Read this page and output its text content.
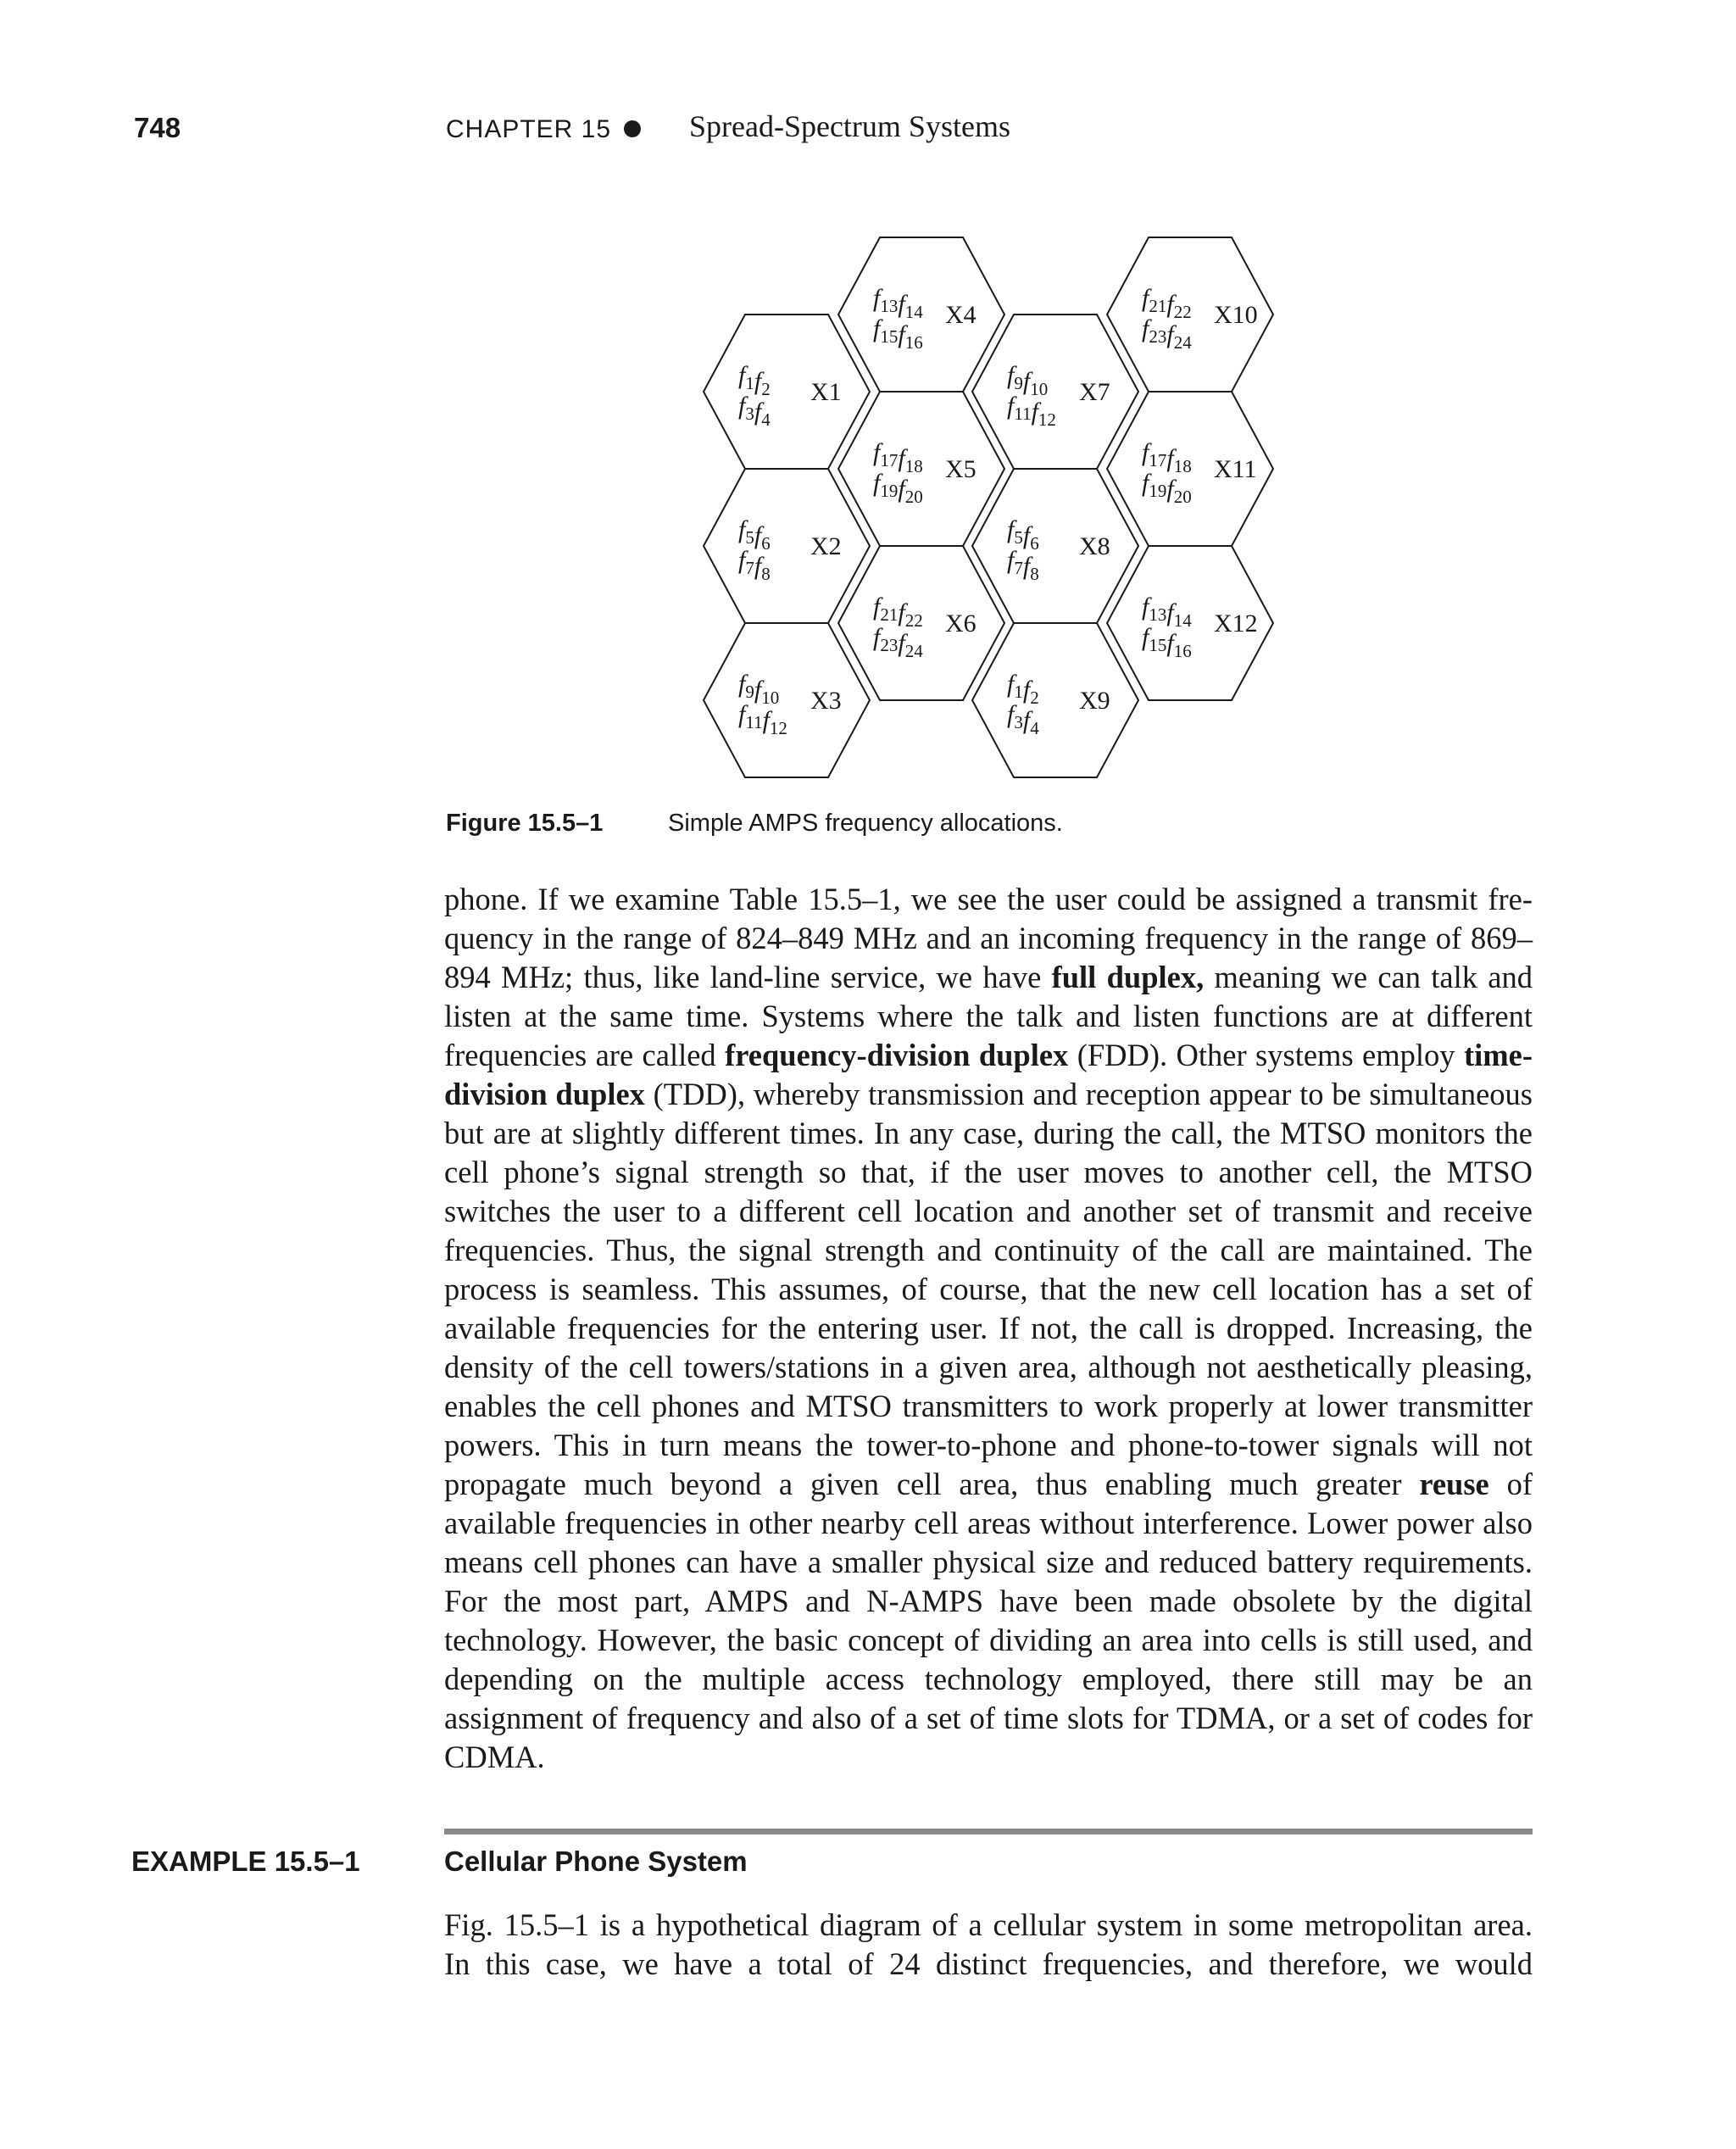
748	CHAPTER 15	Spread-Spectrum Systems
$f_1f_2$
$f_3f_4$
X1
$f_5f_6$
$f_7f_8$
X2
$f_9f_{10}$
$f_{11}f_{12}$
X3
$f_{13}f_{14}$
$f_{15}f_{16}$
X4
$f_{17}f_{18}$
$f_{19}f_{20}$
X5
$f_{21}f_{22}$
$f_{23}f_{24}$
X6
$f_9f_{10}$
$f_{11}f_{12}$
X7
$f_5f_6$
$f_7f_8$
X8
$f_1f_2$
$f_3f_4$
X9
$f_{21}f_{22}$
$f_{23}f_{24}$
X10
$f_{17}f_{18}$
$f_{19}f_{20}$
X11
$f_{13}f_{14}$
$f_{15}f_{16}$
X12
Figure 15.5–1	Simple AMPS frequency allocations.
phone. If we examine Table 15.5–1, we see the user could be assigned a transmit frequency in the range of 824–849 MHz and an incoming frequency in the range of 869–894 MHz; thus, like land-line service, we have full duplex, meaning we can talk and listen at the same time. Systems where the talk and listen functions are at different frequencies are called frequency-division duplex (FDD). Other systems employ time-division duplex (TDD), whereby transmission and reception appear to be simultaneous but are at slightly different times. In any case, during the call, the MTSO monitors the cell phone’s signal strength so that, if the user moves to another cell, the MTSO switches the user to a different cell location and another set of transmit and receive frequencies. Thus, the signal strength and continuity of the call are maintained. The process is seamless. This assumes, of course, that the new cell location has a set of available frequencies for the entering user. If not, the call is dropped. Increasing, the density of the cell towers/stations in a given area, although not aesthetically pleasing, enables the cell phones and MTSO transmitters to work properly at lower transmitter powers. This in turn means the tower-to-phone and phone-to-tower signals will not propagate much beyond a given cell area, thus enabling much greater reuse of available frequencies in other nearby cell areas without interference. Lower power also means cell phones can have a smaller physical size and reduced battery requirements. For the most part, AMPS and N-AMPS have been made obsolete by the digital technology. However, the basic concept of dividing an area into cells is still used, and depending on the multiple access technology employed, there still may be an assignment of frequency and also of a set of time slots for TDMA, or a set of codes for CDMA.
EXAMPLE 15.5–1	Cellular Phone System
Fig. 15.5–1 is a hypothetical diagram of a cellular system in some metropolitan area.
In this case, we have a total of 24 distinct frequencies, and therefore, we would
